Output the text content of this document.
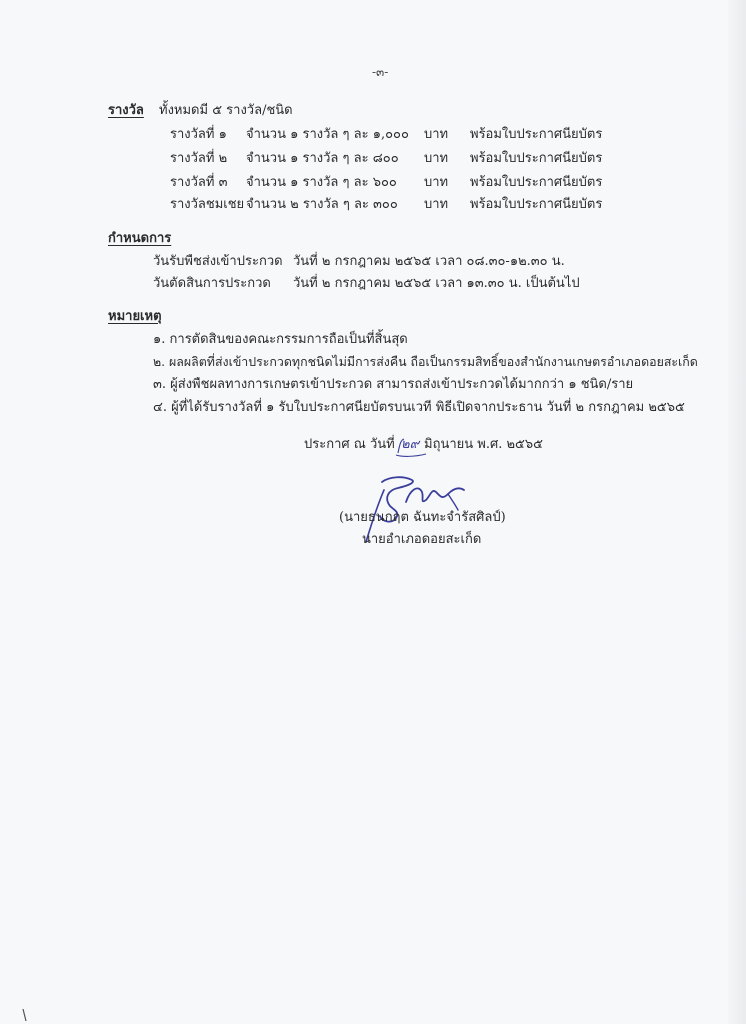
-๓-
รางวัล ทั้งหมดมี ๕ รางวัล/ชนิด
รางวัลที่ ๑ จำนวน ๑ รางวัล ๆ ละ ๑,๐๐๐ บาท พร้อมใบประกาศนียบัตร
รางวัลที่ ๒ จำนวน ๑ รางวัล ๆ ละ ๘๐๐ บาท พร้อมใบประกาศนียบัตร
รางวัลที่ ๓ จำนวน ๑ รางวัล ๆ ละ ๖๐๐ บาท พร้อมใบประกาศนียบัตร
รางวัลชมเชย จำนวน ๒ รางวัล ๆ ละ ๓๐๐ บาท พร้อมใบประกาศนียบัตร
กำหนดการ
วันรับพืชส่งเข้าประกวด วันที่ ๒ กรกฎาคม ๒๕๖๕ เวลา ๐๘.๓๐-๑๒.๓๐ น.
วันตัดสินการประกวด วันที่ ๒ กรกฎาคม ๒๕๖๕ เวลา ๑๓.๓๐ น. เป็นต้นไป
หมายเหตุ
๑. การตัดสินของคณะกรรมการถือเป็นที่สิ้นสุด
๒. ผลผลิตที่ส่งเข้าประกวดทุกชนิดไม่มีการส่งคืน ถือเป็นกรรมสิทธิ์ของสำนักงานเกษตรอำเภอดอยสะเก็ด
๓. ผู้ส่งพืชผลทางการเกษตรเข้าประกวด สามารถส่งเข้าประกวดได้มากกว่า ๑ ชนิด/ราย
๔. ผู้ที่ได้รับรางวัลที่ ๑ รับใบประกาศนียบัตรบนเวที พิธีเปิดจากประธาน วันที่ ๒ กรกฎาคม ๒๕๖๕
ประกาศ ณ วันที่ ๒๙ มิถุนายน พ.ศ. ๒๕๖๕
(นายธนกฤต ฉันทะจำรัสศิลป์)
นายอำเภอดอยสะเก็ด
